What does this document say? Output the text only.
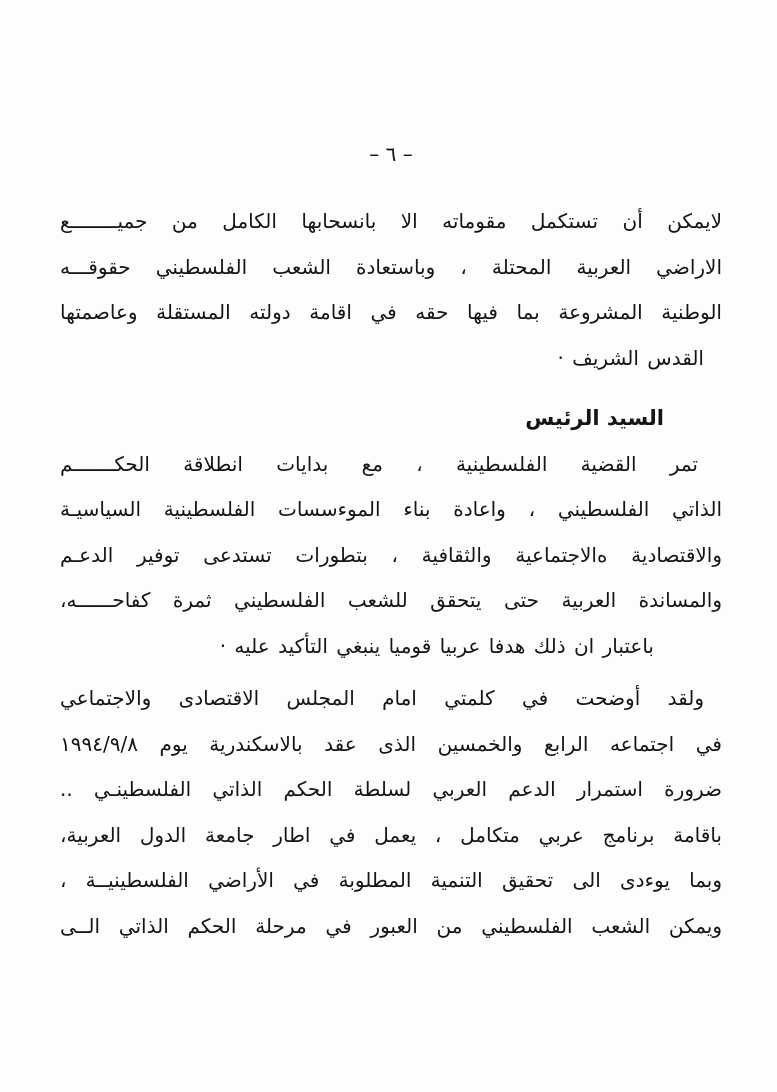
– ٦ –
لايمكن أن تستكمل مقوماته الا بانسحابها الكامل من جميــــــــع
الاراضي العربية المحتلة ، وباستعادة الشعب الفلسطيني حقوقـــه
الوطنية المشروعة بما فيها حقه في اقامة دولته المستقلة وعاصمتها
القدس الشريف ·
السيد الرئيس
تمر القضية الفلسطينية ، مع بدايات انطلاقة الحكـــــــم
الذاتي الفلسطيني ، واعادة بناء الموءسسات الفلسطينية السياسيـة
والاقتصادية ه‌الاجتماعية والثقافية ، بتطورات تستدعى توفير الدعـم
والمساندة العربية حتى يتحقق للشعب الفلسطيني ثمرة كفاحــــــه،
باعتبار ان ذلك هدفا عربيا قوميا ينبغي التأكيد عليه ·
ولقد أوضحت في كلمتي امام المجلس الاقتصادى والاجتماعي
في اجتماعه الرابع والخمسين الذى عقد بالاسكندرية يوم ١٩٩٤/٩/٨
ضرورة استمرار الدعم العربي لسلطة الحكم الذاتي الفلسطينـي ..
باقامة برنامج عربي متكامل ، يعمل في اطار جامعة الدول العربية،
وبما يوءدى الى تحقيق التنمية المطلوبة في الأراضي الفلسطينيــة ،
ويمكن الشعب الفلسطيني من العبور في مرحلة الحكم الذاتي الــى
